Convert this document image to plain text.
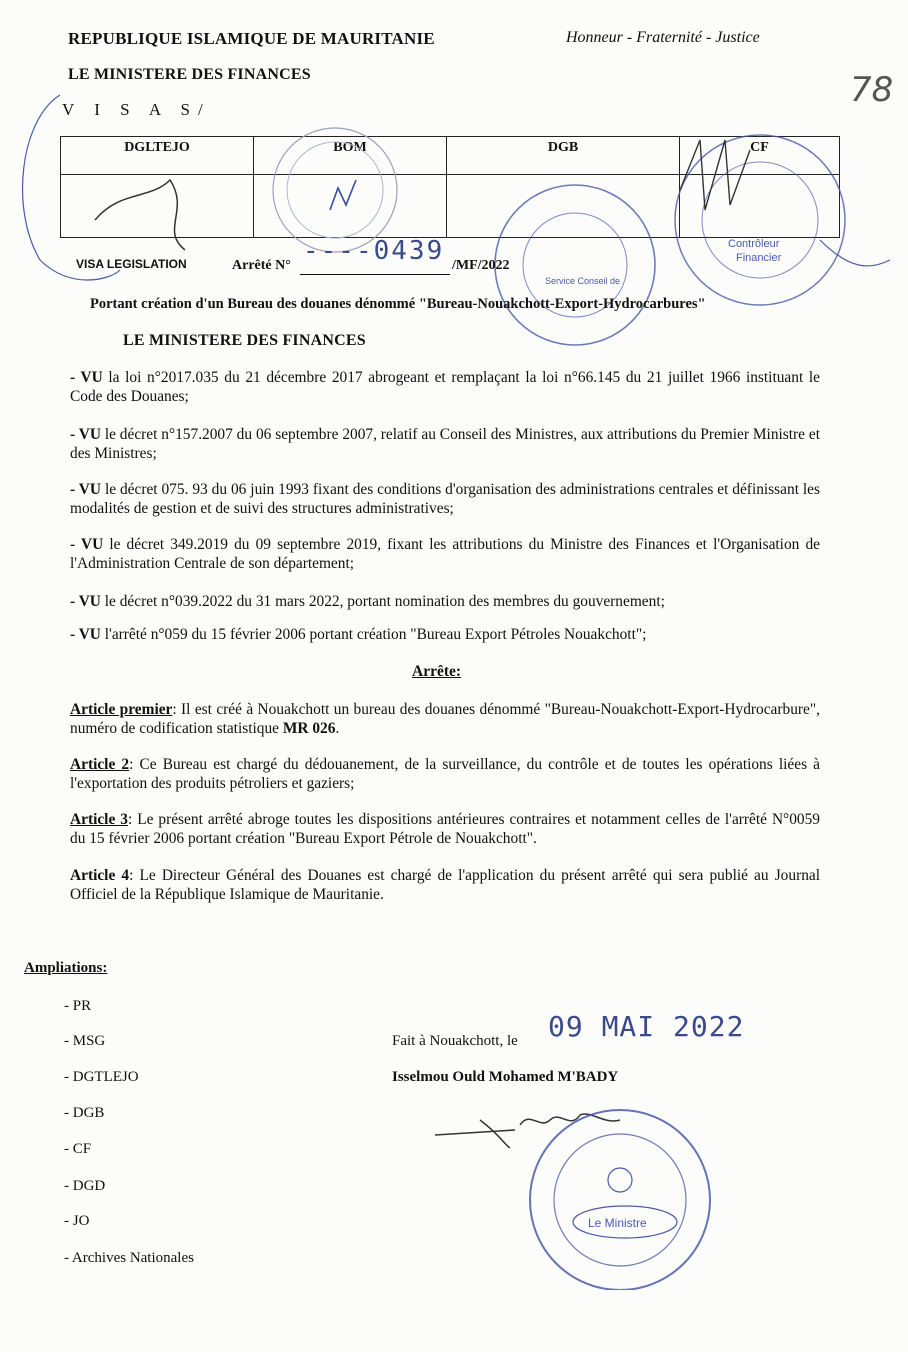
REPUBLIQUE ISLAMIQUE DE MAURITANIE	Honneur - Fraternité - Justice
LE MINISTERE DES FINANCES
V I S A S/	78
DGLTEJO	BOM	DGB	CF

Contrôleur
Financier
Service Conseil de
VISA LEGISLATION	Arrêté N° ----0439 /MF/2022
Portant création d'un Bureau des douanes dénommé "Bureau-Nouakchott-Export-Hydrocarbures"
LE MINISTERE DES FINANCES
- VU la loi n°2017.035 du 21 décembre 2017 abrogeant et remplaçant la loi n°66.145 du 21 juillet 1966 instituant le Code des Douanes;
- VU le décret n°157.2007 du 06 septembre 2007, relatif au Conseil des Ministres, aux attributions du Premier Ministre et des Ministres;
- VU le décret 075. 93 du 06 juin 1993 fixant des conditions d'organisation des administrations centrales et définissant les modalités de gestion et de suivi des structures administratives;
- VU le décret 349.2019 du 09 septembre 2019, fixant les attributions du Ministre des Finances et l'Organisation de l'Administration Centrale de son département;
- VU le décret n°039.2022 du 31 mars 2022, portant nomination des membres du gouvernement;
- VU l'arrêté n°059 du 15 février 2006 portant création "Bureau Export Pétroles Nouakchott";
Arrête:
Article premier: Il est créé à Nouakchott un bureau des douanes dénommé "Bureau-Nouakchott-Export-Hydrocarbure", numéro de codification statistique MR 026.
Article 2: Ce Bureau est chargé du dédouanement, de la surveillance, du contrôle et de toutes les opérations liées à l'exportation des produits pétroliers et gaziers;
Article 3: Le présent arrêté abroge toutes les dispositions antérieures contraires et notamment celles de l'arrêté N°0059 du 15 février 2006 portant création "Bureau Export Pétrole de Nouakchott".
Article 4: Le Directeur Général des Douanes est chargé de l'application du présent arrêté qui sera publié au Journal Officiel de la République Islamique de Mauritanie.
Ampliations:
- PR
- MSG
- DGTLEJO
- DGB
- CF
- DGD
- JO
- Archives Nationales
Fait à Nouakchott, le 09 MAI 2022
Isselmou Ould Mohamed M'BADY
Le Ministre
